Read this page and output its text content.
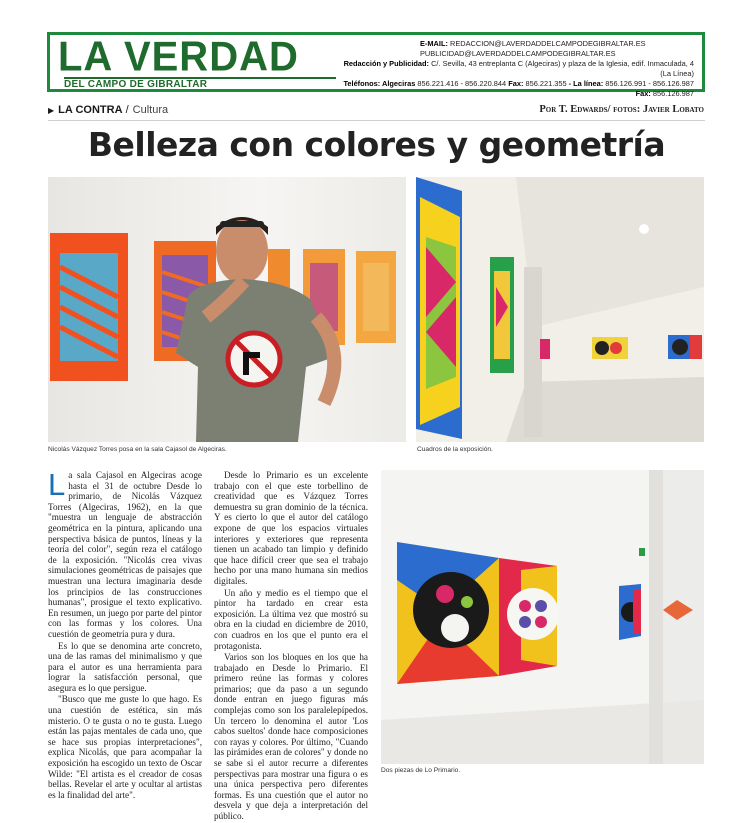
LA VERDAD
DEL CAMPO DE GIBRALTAR
E-MAIL: REDACCION@LAVERDADDELCAMPODEGIBRALTAR.ES
PUBLICIDAD@LAVERDADDELCAMPODEGIBRALTAR.ES
Redacción y Publicidad: C/. Sevilla, 43 entreplanta C (Algeciras) y plaza de la Iglesia, edif. Inmaculada, 4 (La Línea)
Teléfonos: Algeciras 856.221.416 - 856.220.844 Fax: 856.221.355 - La línea: 856.126.991 - 856.126.987 Fax: 856.126.987
▶ LA CONTRA / Cultura	Por T. Edwards/ fotos: Javier Lobato
Belleza con colores y geometría
Nicolás Vázquez Torres posa en la sala Cajasol de Algeciras.	Cuadros de la exposición.

La sala Cajasol en Algeciras acoge hasta el 31 de octubre Desde lo primario, de Nicolás Vázquez Torres (Algeciras, 1962), en la que "muestra un lenguaje de abstracción geométrica en la pintura, aplicando una perspectiva básica de puntos, líneas y la teoría del color", según reza el catálogo de la exposición. "Nicolás crea vivas simulaciones geométricas de paisajes que muestran una lectura imaginaria desde los principios de las construcciones humanas", prosigue el texto explicativo. En resumen, un juego por parte del pintor con las formas y los colores. Una cuestión de geometría pura y dura.

Es lo que se denomina arte concreto, una de las ramas del minimalismo y que para el autor es una herramienta para lograr la satisfacción personal, que asegura es lo que persigue.

"Busco que me guste lo que hago. Es una cuestión de estética, sin más misterio. O te gusta o no te gusta. Luego están las pajas mentales de cada uno, que se hace sus propias interpretaciones", explica Nicolás, que para acompañar la exposición ha escogido un texto de Oscar Wilde: "El artista es el creador de cosas bellas. Revelar el arte y ocultar al artistas es la finalidad del arte".

Desde lo Primario es un excelente trabajo con el que este torbellino de creatividad que es Vázquez Torres demuestra su gran dominio de la técnica. Y es cierto lo que el autor del catálogo expone de que los espacios virtuales interiores y exteriores que representa tienen un acabado tan limpio y definido que hace difícil creer que sea el trabajo hecho por una mano humana sin medios digitales.

Un año y medio es el tiempo que el pintor ha tardado en crear esta exposición. La última vez que mostró su obra en la ciudad en diciembre de 2010, con cuadros en los que el punto era el protagonista.

Varios son los bloques en los que ha trabajado en Desde lo Primario. El primero reúne las formas y colores primarios; que da paso a un segundo donde entran en juego figuras más complejas como son los paralelepípedos. Un tercero lo denomina el autor 'Los cabos sueltos' donde hace composiciones con rayas y colores. Por último, "Cuando las pirámides eran de colores" y donde no se sabe si el autor recurre a diferentes perspectivas para mostrar una figura o es una única perspectiva pero diferentes formas. Es una cuestión que el autor no desvela y que deja a interpretación del público.

Dos piezas de Lo Primario.
